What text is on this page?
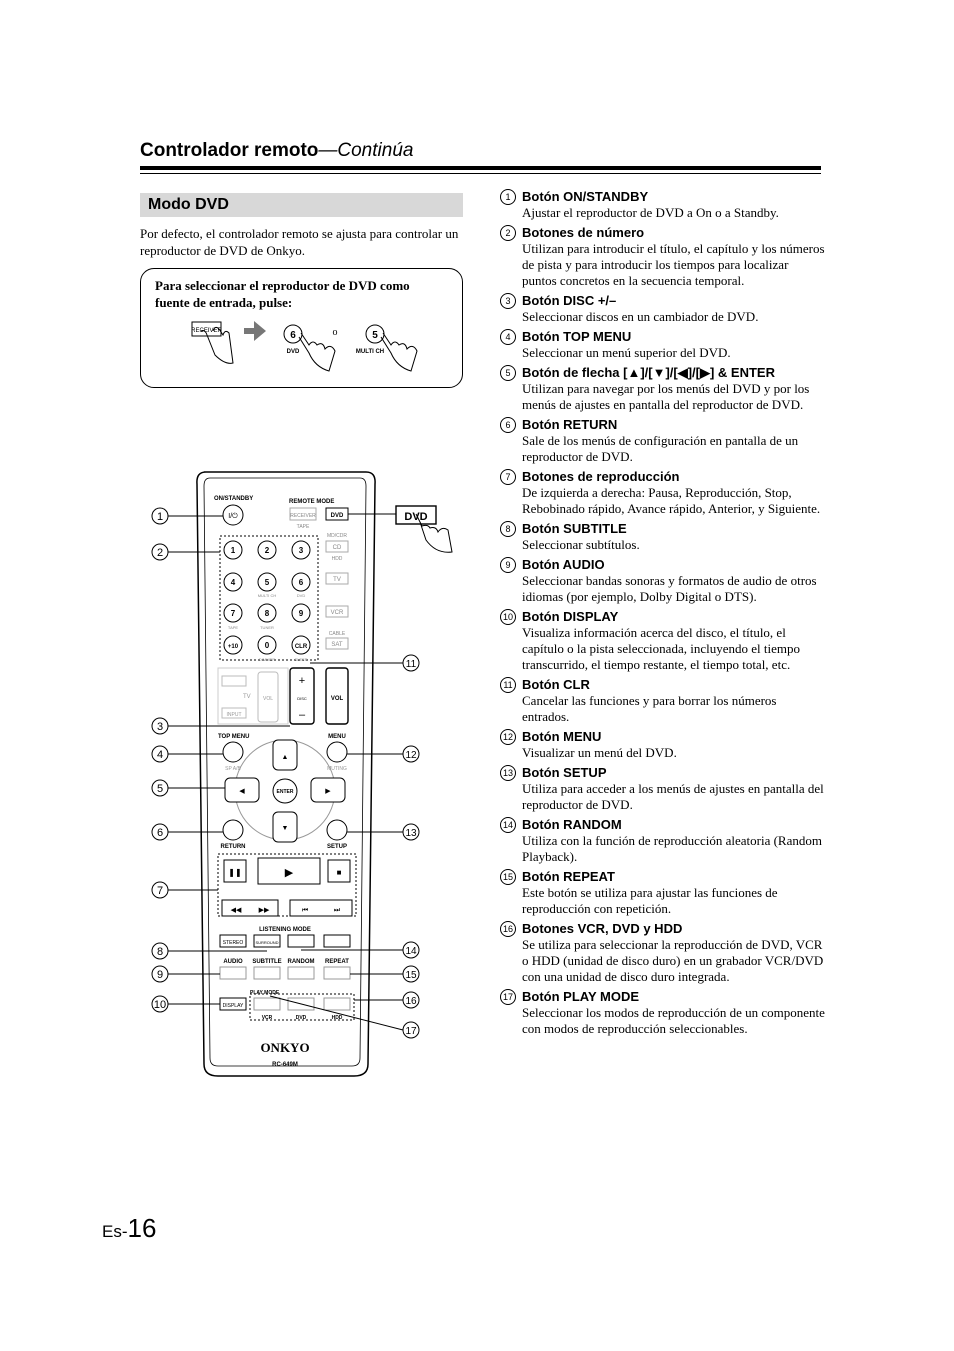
Controlador remoto—Continúa
Modo DVD
Por defecto, el controlador remoto se ajusta para controlar un reproductor de DVD de Onkyo.
Para seleccionar el reproductor de DVD como fuente de entrada, pulse:
RECEIVER	6
DVD
o	5
MULTI CH
ON/STANDBY
I/⏻
REMOTE MODE
RECEIVER
TAPE
DVD
MD/CDR
CD
HDD
TV
VCR
CABLE
SAT
1	2	3
4	5	6
MULTI CH	DVD
7	8	9
TAPE	TUNER
+10	0	CLR
DIMMER	SLEEP
TV
INPUT
VOL
+
DISC
–
VOL
TOP MENU
SP A/B
MENU
MUTING
▲
▼
◀	▶
ENTER
RETURN	SETUP
❚❚	▶	■
◀◀ ▶▶	⏮	⏭
LISTENING MODE
STEREO	SURROUND
AUDIO SUBTITLE RANDOM REPEAT
PLAY MODE
DISPLAY
VCR	DVD	HDD
ONKYO
RC-649M
DVD
1
2
3
4
5
6
7
8
9
10
11
12
13
14
15
16
17
1 Botón ON/STANDBY
Ajustar el reproductor de DVD a On o a Standby.
2 Botones de número
Utilizan para introducir el título, el capítulo y los números de pista y para introducir los tiempos para localizar puntos concretos en la secuencia temporal.
3 Botón DISC +/–
Seleccionar discos en un cambiador de DVD.
4 Botón TOP MENU
Seleccionar un menú superior del DVD.
5 Botón de flecha [▲]/[▼]/[◀]/[▶] & ENTER
Utilizan para navegar por los menús del DVD y por los menús de ajustes en pantalla del reproductor de DVD.
6 Botón RETURN
Sale de los menús de configuración en pantalla de un reproductor de DVD.
7 Botones de reproducción
De izquierda a derecha: Pausa, Reproducción, Stop, Rebobinado rápido, Avance rápido, Anterior, y Siguiente.
8 Botón SUBTITLE
Seleccionar subtítulos.
9 Botón AUDIO
Seleccionar bandas sonoras y formatos de audio de otros idiomas (por ejemplo, Dolby Digital o DTS).
10 Botón DISPLAY
Visualiza información acerca del disco, el título, el capítulo o la pista seleccionada, incluyendo el tiempo transcurrido, el tiempo restante, el tiempo total, etc.
11 Botón CLR
Cancelar las funciones y para borrar los números entrados.
12 Botón MENU
Visualizar un menú del DVD.
13 Botón SETUP
Utiliza para acceder a los menús de ajustes en pantalla del reproductor de DVD.
14 Botón RANDOM
Utiliza con la función de reproducción aleatoria (Random Playback).
15 Botón REPEAT
Este botón se utiliza para ajustar las funciones de reproducción con repetición.
16 Botones VCR, DVD y HDD
Se utiliza para seleccionar la reproducción de DVD, VCR o HDD (unidad de disco duro) en un grabador VCR/DVD con una unidad de disco duro integrada.
17 Botón PLAY MODE
Seleccionar los modos de reproducción de un componente con modos de reproducción seleccionables.
Es-16
